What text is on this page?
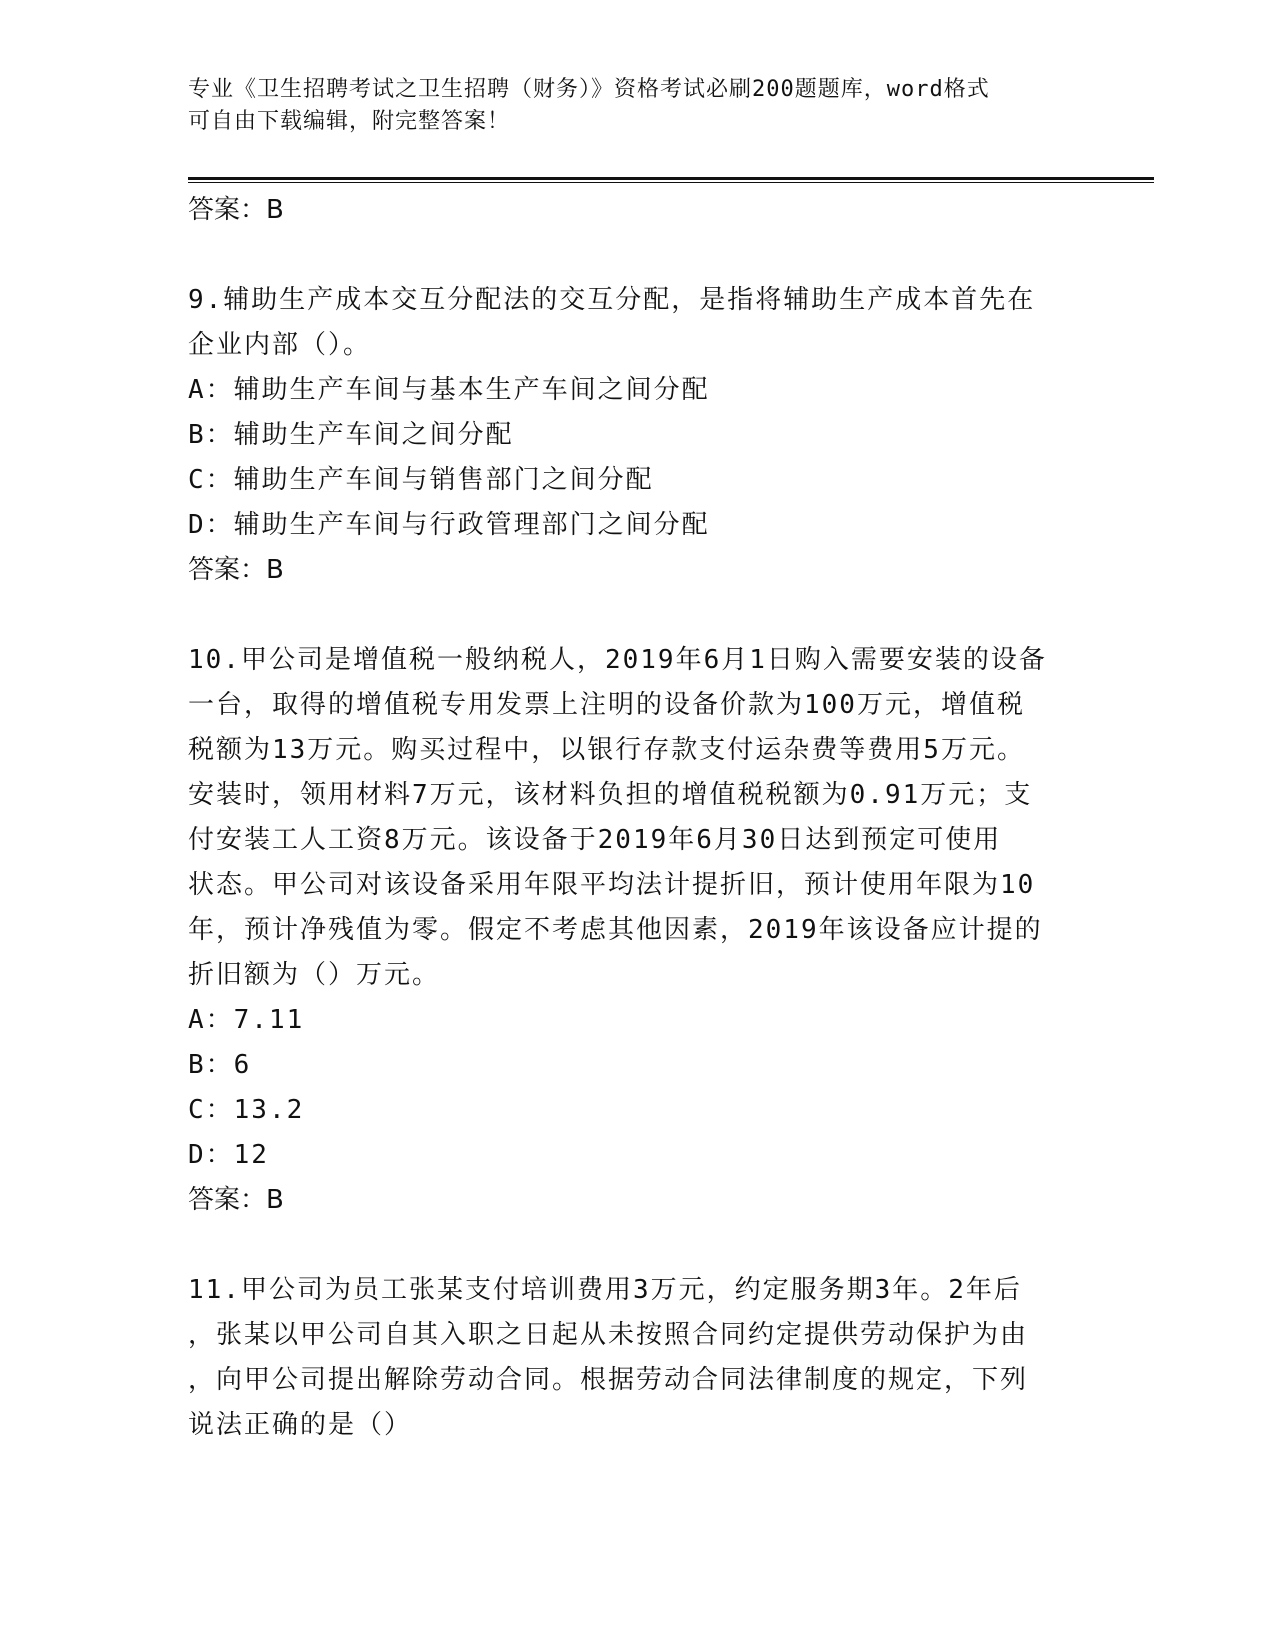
专业《卫生招聘考试之卫生招聘（财务）》资格考试必刷200题题库，word格式
可自由下载编辑，附完整答案！
答案：B
9.辅助生产成本交互分配法的交互分配，是指将辅助生产成本首先在
企业内部（）。
A：辅助生产车间与基本生产车间之间分配
B：辅助生产车间之间分配
C：辅助生产车间与销售部门之间分配
D：辅助生产车间与行政管理部门之间分配
答案：B
10.甲公司是增值税一般纳税人，2019年6月1日购入需要安装的设备
一台，取得的增值税专用发票上注明的设备价款为100万元，增值税
税额为13万元。购买过程中，以银行存款支付运杂费等费用5万元。
安装时，领用材料7万元，该材料负担的增值税税额为0.91万元；支
付安装工人工资8万元。该设备于2019年6月30日达到预定可使用
状态。甲公司对该设备采用年限平均法计提折旧，预计使用年限为10
年，预计净残值为零。假定不考虑其他因素，2019年该设备应计提的
折旧额为（）万元。
A：7.11
B：6
C：13.2
D：12
答案：B
11.甲公司为员工张某支付培训费用3万元，约定服务期3年。2年后
，张某以甲公司自其入职之日起从未按照合同约定提供劳动保护为由
，向甲公司提出解除劳动合同。根据劳动合同法律制度的规定，下列
说法正确的是（）
